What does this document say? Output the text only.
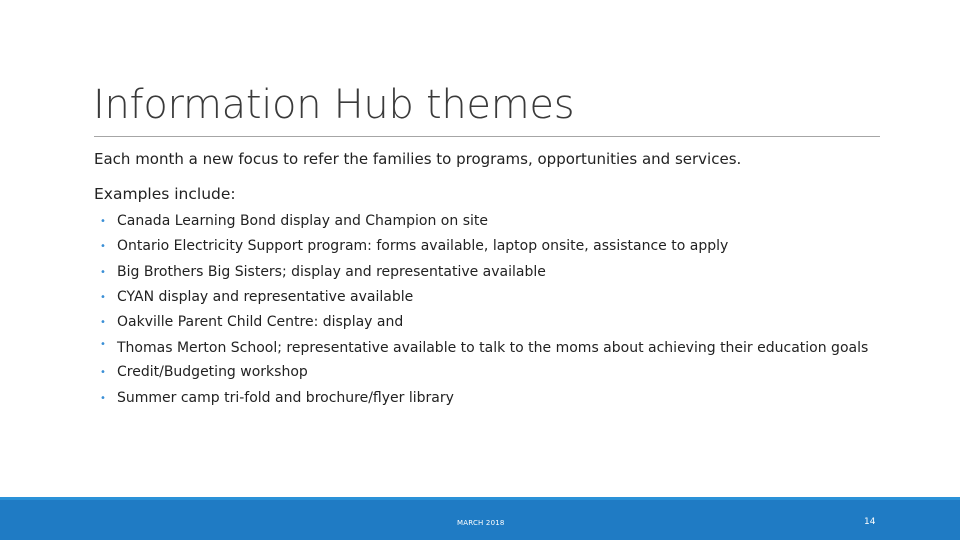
Information Hub themes
Each month a new focus to refer the families to programs, opportunities and services.
Examples include:
• Canada Learning Bond display and Champion on site
• Ontario Electricity Support program: forms available, laptop onsite, assistance to apply
• Big Brothers Big Sisters; display and representative available
• CYAN display and representative available
• Oakville Parent Child Centre: display and
• Thomas Merton School; representative available to talk to the moms about achieving their education goals
• Credit/Budgeting workshop
• Summer camp tri-fold and brochure/flyer library
MARCH 2018	14
